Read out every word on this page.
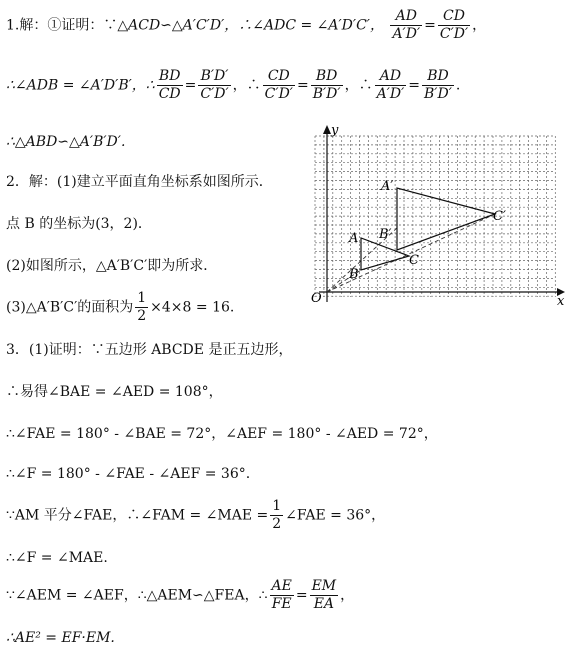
1.解：①证明：∵△ACD∽△A′C′D′，∴∠ADC = ∠A′D′C′， $\frac{AD}{A'D'} = \frac{CD}{C'D'}$ ，
∴∠ADB = ∠A′D′B′，∴ $\frac{BD}{CD} = \frac{B'D'}{C'D'}$ ，∴ $\frac{CD}{C'D'} = \frac{BD}{B'D'}$ ，∴ $\frac{AD}{A'D'} = \frac{BD}{B'D'}$ .
∴△ABD∽△A′B′D′.
2．解：(1)建立平面直角坐标系如图所示．
点 B 的坐标为(3，2)．
(2)如图所示，△A′B′C′即为所求．
(3)△A′B′C′的面积为 $\frac{1}{2} \times 4\times 8 = 16$.
3．(1)证明：∵五边形 ABCDE 是正五边形，
∴易得∠BAE = ∠AED = 108°，
∴∠FAE = 180° - ∠BAE = 72°，∠AEF = 180° - ∠AED = 72°，
∴∠F = 180° - ∠FAE - ∠AEF = 36°.
∵AM 平分∠FAE，∴∠FAM = ∠MAE = $\frac{1}{2}$ ∠FAE = 36°，
∴∠F = ∠MAE.
∵∠AEM = ∠AEF，∴△AEM∽△FEA，∴ $\frac{AE}{FE} = \frac{EM}{EA}$ ，
∴AE² = EF·EM.
y
x
O
A′
B′
C′
A
B
C
